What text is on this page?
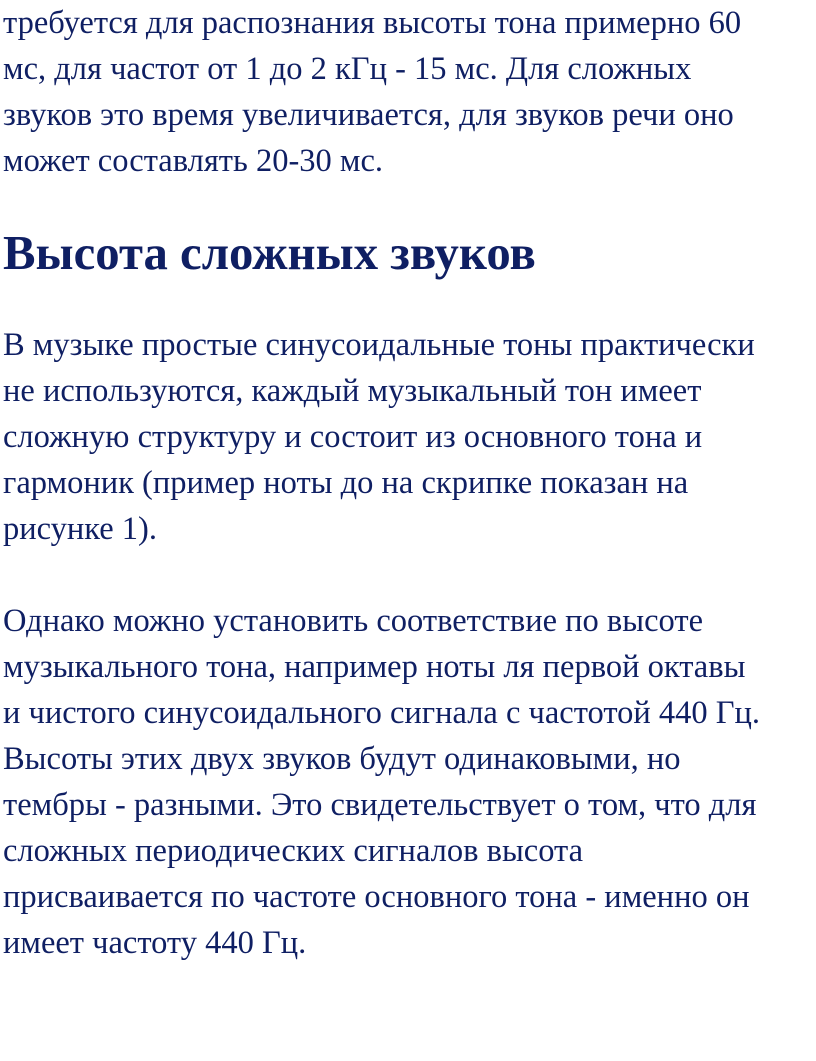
требуется для распознания высоты тона примерно 60
мс, для частот от 1 до 2 кГц - 15 мс. Для сложных
звуков это время увеличивается, для звуков речи оно
может составлять 20-30 мс.

Высота сложных звуков

В музыке простые синусоидальные тоны практически
не используются, каждый музыкальный тон имеет
сложную структуру и состоит из основного тона и
гармоник (пример ноты до на скрипке показан на
рисунке 1).

Однако можно установить соответствие по высоте
музыкального тона, например ноты ля первой октавы
и чистого синусоидального сигнала с частотой 440 Гц.
Высоты этих двух звуков будут одинаковыми, но
тембры - разными. Это свидетельствует о том, что для
сложных периодических сигналов высота
присваивается по частоте основного тона - именно он
имеет частоту 440 Гц.
